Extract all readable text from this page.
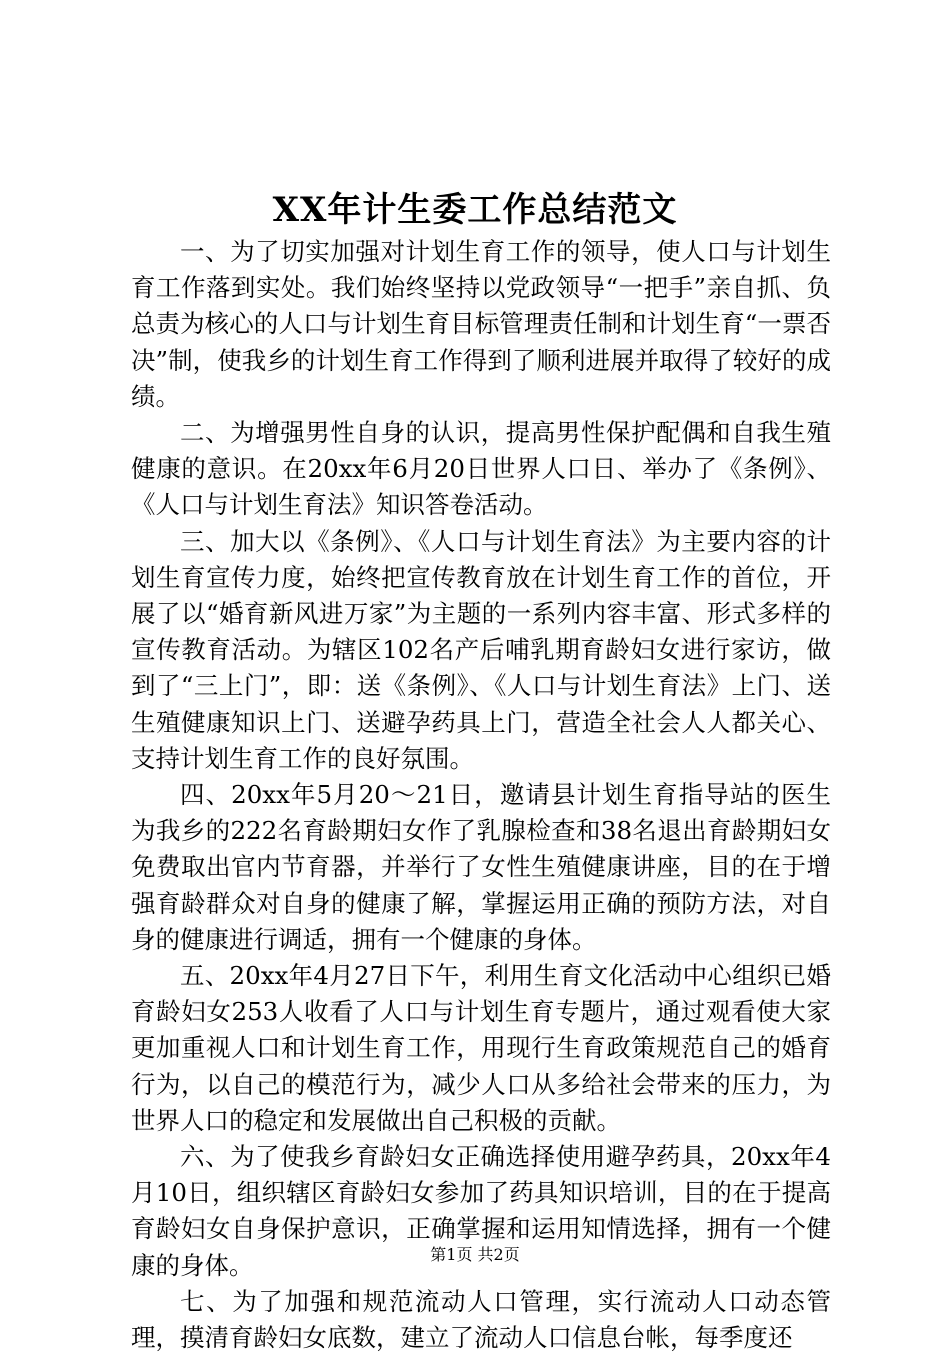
XX年计生委工作总结范文

一、为了切实加强对计划生育工作的领导，使人口与计划生育工作落到实处。我们始终坚持以党政领导“一把手”亲自抓、负总责为核心的人口与计划生育目标管理责任制和计划生育“一票否决”制，使我乡的计划生育工作得到了顺利进展并取得了较好的成绩。

二、为增强男性自身的认识，提高男性保护配偶和自我生殖健康的意识。在20xx年6月20日世界人口日、举办了《条例》、《人口与计划生育法》知识答卷活动。

三、加大以《条例》、《人口与计划生育法》为主要内容的计划生育宣传力度，始终把宣传教育放在计划生育工作的首位，开展了以“婚育新风进万家”为主题的一系列内容丰富、形式多样的宣传教育活动。为辖区102名产后哺乳期育龄妇女进行家访，做到了“三上门”，即：送《条例》、《人口与计划生育法》上门、送生殖健康知识上门、送避孕药具上门，营造全社会人人都关心、支持计划生育工作的良好氛围。

四、20xx年5月20～21日，邀请县计划生育指导站的医生为我乡的222名育龄期妇女作了乳腺检查和38名退出育龄期妇女免费取出官内节育器，并举行了女性生殖健康讲座，目的在于增强育龄群众对自身的健康了解，掌握运用正确的预防方法，对自身的健康进行调适，拥有一个健康的身体。

五、20xx年4月27日下午，利用生育文化活动中心组织已婚育龄妇女253人收看了人口与计划生育专题片，通过观看使大家更加重视人口和计划生育工作，用现行生育政策规范自己的婚育行为，以自己的模范行为，减少人口从多给社会带来的压力，为世界人口的稳定和发展做出自己积极的贡献。

六、为了使我乡育龄妇女正确选择使用避孕药具，20xx年4月10日，组织辖区育龄妇女参加了药具知识培训，目的在于提高育龄妇女自身保护意识，正确掌握和运用知情选择，拥有一个健康的身体。

七、为了加强和规范流动人口管理，实行流动人口动态管理，摸清育龄妇女底数，建立了流动人口信息台帐，每季度还

第1页 共2页
